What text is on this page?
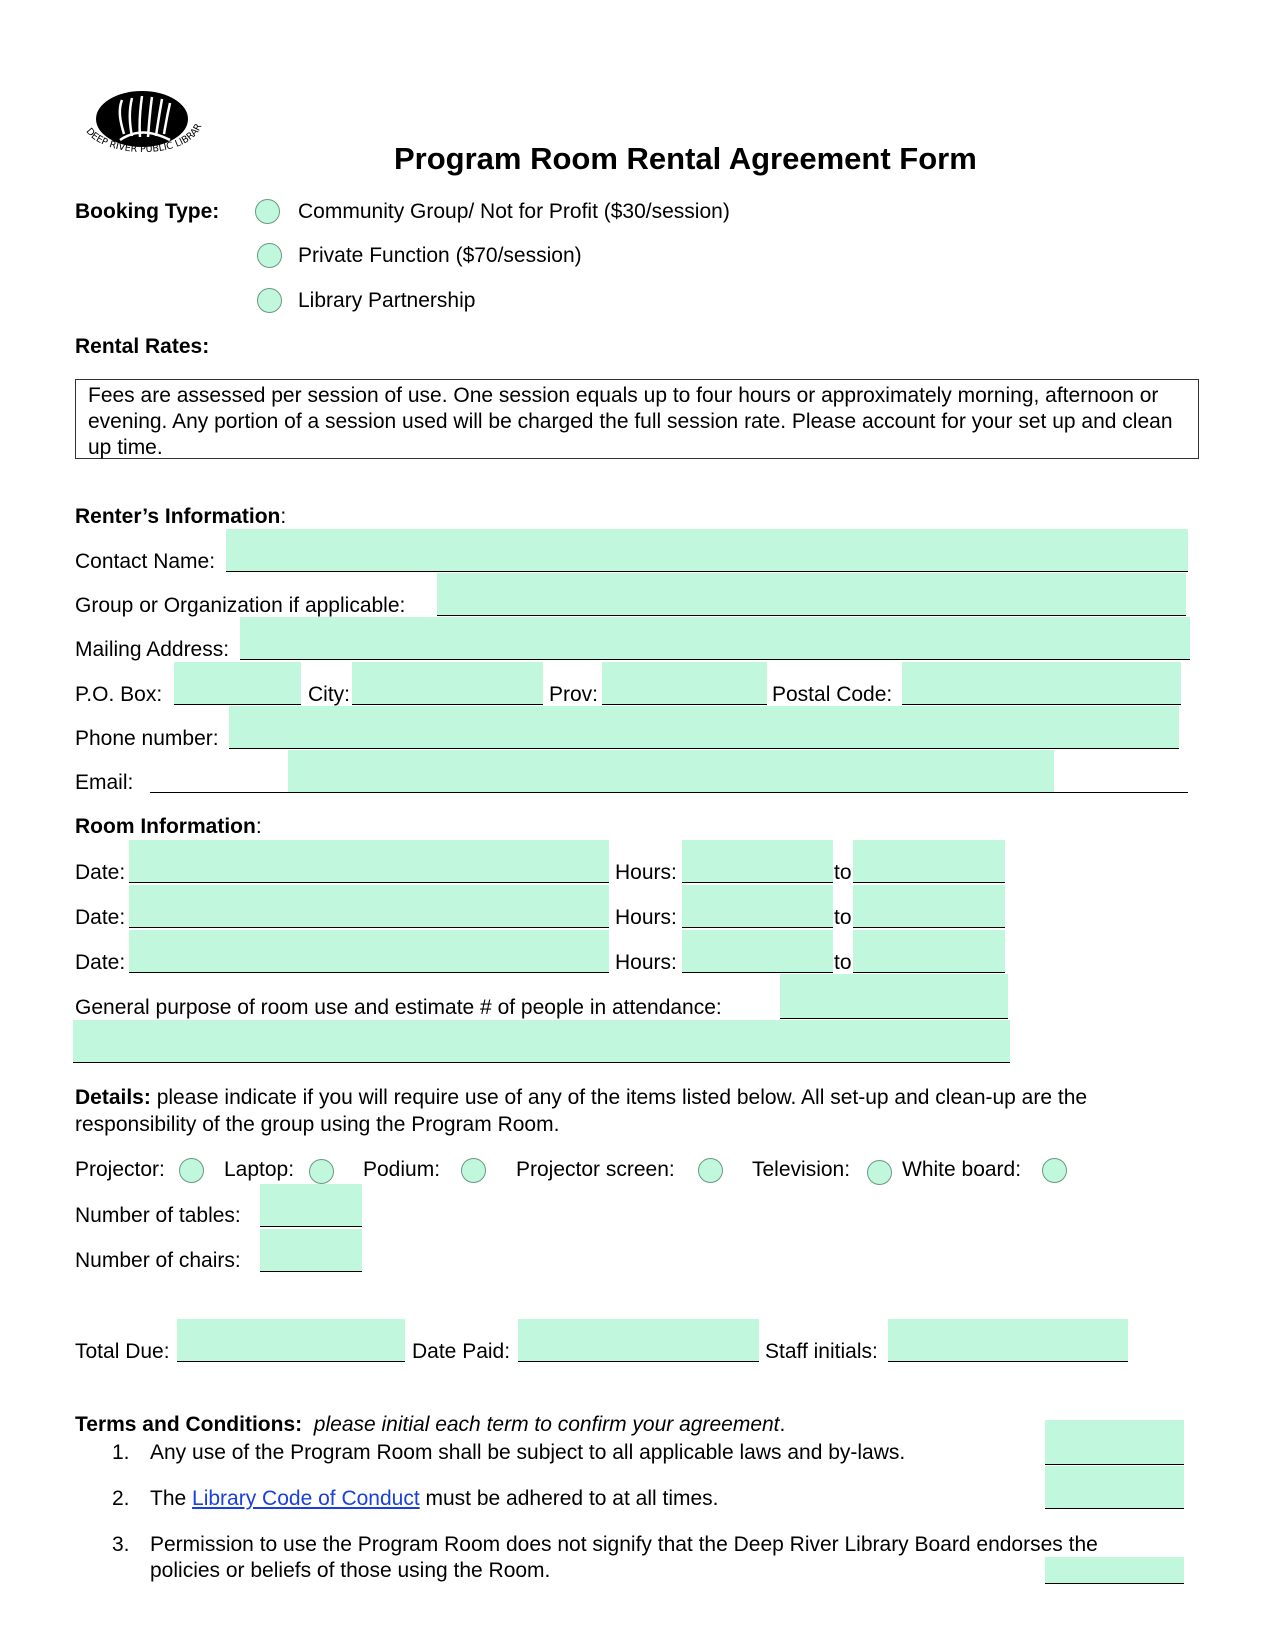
DEEP RIVER PUBLIC LIBRAR
Program Room Rental Agreement Form
Booking Type:	Community Group/ Not for Profit ($30/session)
Private Function ($70/session)
Library Partnership
Rental Rates:
Fees are assessed per session of use. One session equals up to four hours or approximately morning, afternoon or evening. Any portion of a session used will be charged the full session rate. Please account for your set up and clean up time.
Renter’s Information:
Contact Name:
Group or Organization if applicable:
Mailing Address:
P.O. Box:	City:	Prov:	Postal Code:
Phone number:
Email:
Room Information:
Date:	Hours:	to
Date:	Hours:	to
Date:	Hours:	to
General purpose of room use and estimate # of people in attendance:
Details: please indicate if you will require use of any of the items listed below. All set-up and clean-up are the
responsibility of the group using the Program Room.
Projector:	Laptop:	Podium:	Projector screen:	Television: White board:
Number of tables:
Number of chairs:
Total Due:	Date Paid:	Staff initials:
Terms and Conditions: please initial each term to confirm your agreement.
1. Any use of the Program Room shall be subject to all applicable laws and by-laws.
2. The Library Code of Conduct must be adhered to at all times.
3. Permission to use the Program Room does not signify that the Deep River Library Board endorses the
policies or beliefs of those using the Room.
